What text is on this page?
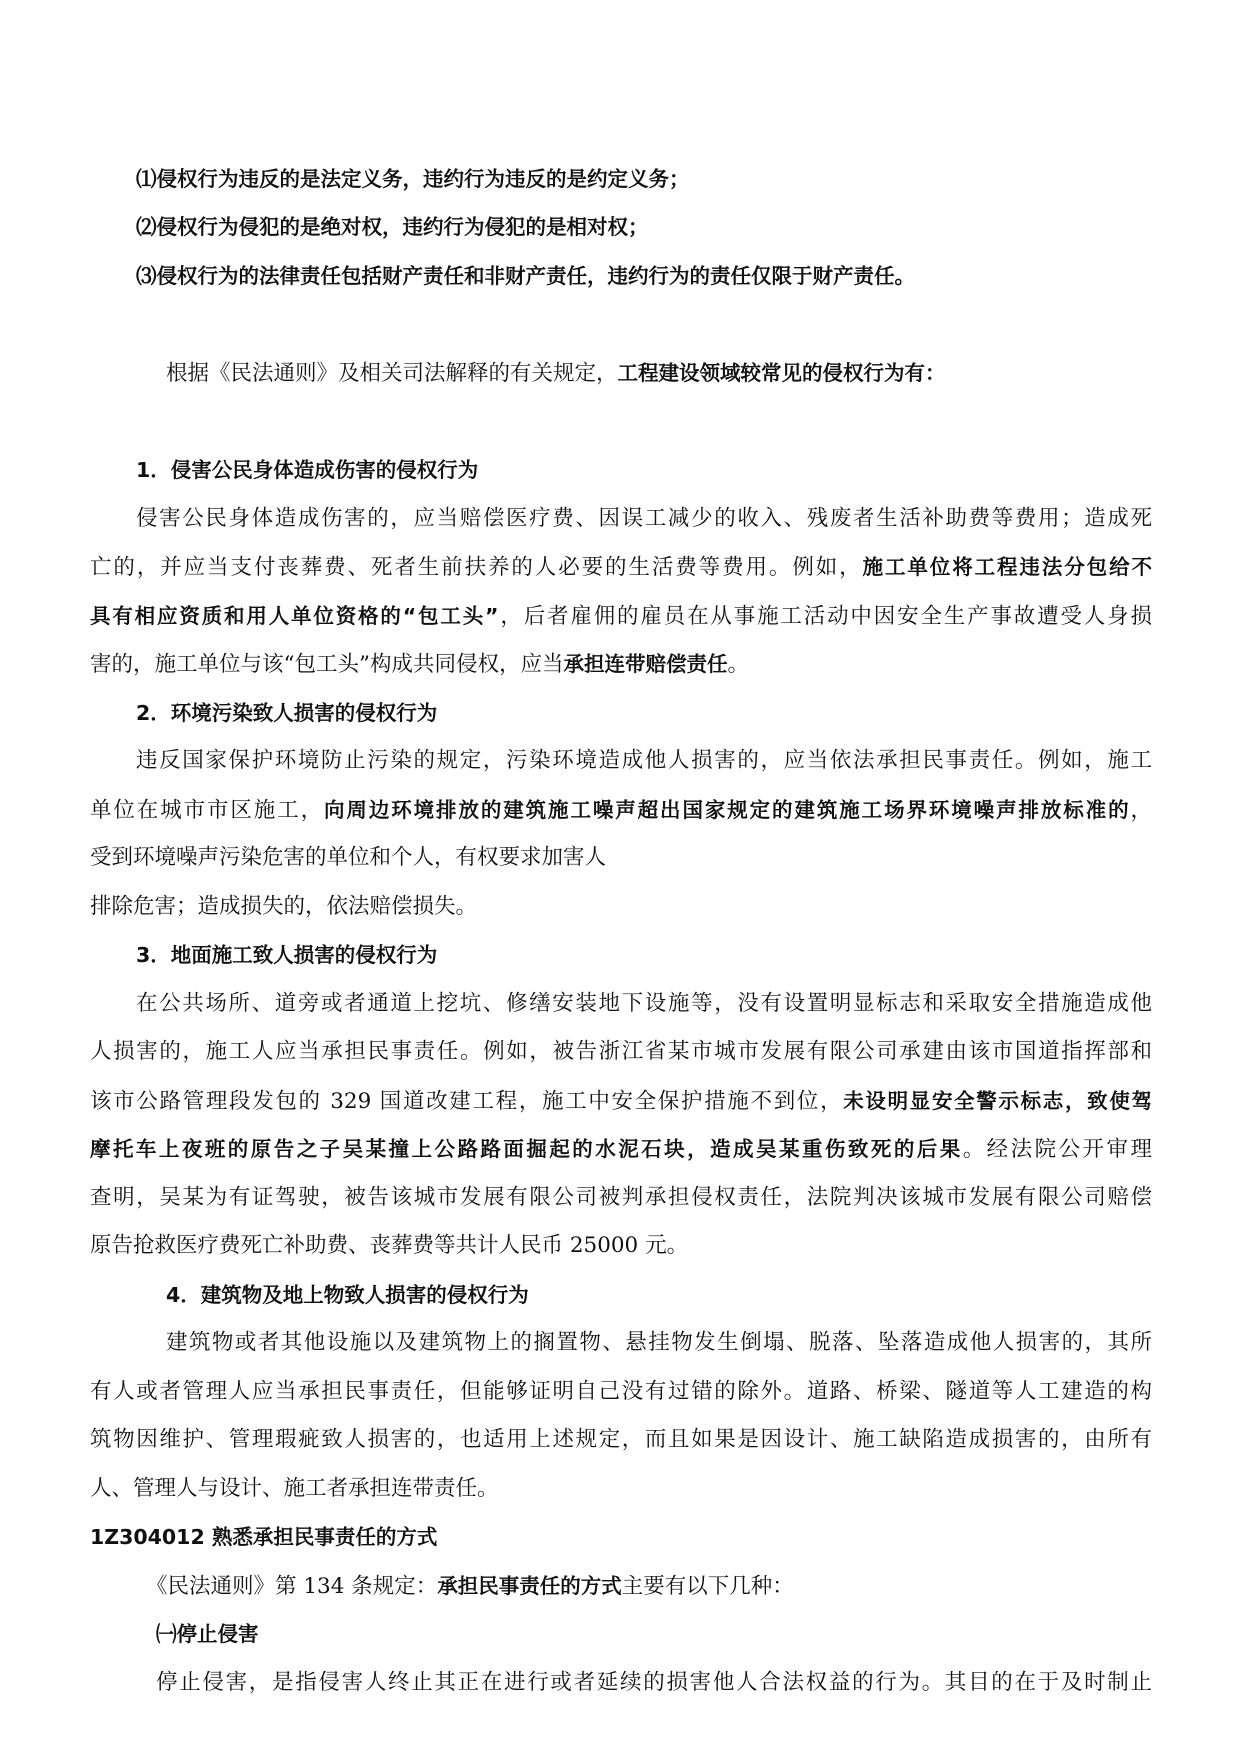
⑴侵权行为违反的是法定义务，违约行为违反的是约定义务；
⑵侵权行为侵犯的是绝对权，违约行为侵犯的是相对权；
⑶侵权行为的法律责任包括财产责任和非财产责任，违约行为的责任仅限于财产责任。
根据《民法通则》及相关司法解释的有关规定，工程建设领域较常见的侵权行为有：
1．侵害公民身体造成伤害的侵权行为
侵害公民身体造成伤害的，应当赔偿医疗费、因误工减少的收入、残废者生活补助费等费用；造成死
亡的，并应当支付丧葬费、死者生前扶养的人必要的生活费等费用。例如，施工单位将工程违法分包给不
具有相应资质和用人单位资格的“包工头”，后者雇佣的雇员在从事施工活动中因安全生产事故遭受人身损
害的，施工单位与该“包工头”构成共同侵权，应当承担连带赔偿责任。
2．环境污染致人损害的侵权行为
违反国家保护环境防止污染的规定，污染环境造成他人损害的，应当依法承担民事责任。例如，施工
单位在城市市区施工，向周边环境排放的建筑施工噪声超出国家规定的建筑施工场界环境噪声排放标准的，
受到环境噪声污染危害的单位和个人，有权要求加害人
排除危害；造成损失的，依法赔偿损失。
3．地面施工致人损害的侵权行为
在公共场所、道旁或者通道上挖坑、修缮安装地下设施等，没有设置明显标志和采取安全措施造成他
人损害的，施工人应当承担民事责任。例如，被告浙江省某市城市发展有限公司承建由该市国道指挥部和
该市公路管理段发包的 329 国道改建工程，施工中安全保护措施不到位，未设明显安全警示标志，致使驾
摩托车上夜班的原告之子吴某撞上公路路面掘起的水泥石块，造成吴某重伤致死的后果。经法院公开审理
查明，吴某为有证驾驶，被告该城市发展有限公司被判承担侵权责任，法院判决该城市发展有限公司赔偿
原告抢救医疗费死亡补助费、丧葬费等共计人民币 25000 元。
4．建筑物及地上物致人损害的侵权行为
建筑物或者其他设施以及建筑物上的搁置物、悬挂物发生倒塌、脱落、坠落造成他人损害的，其所
有人或者管理人应当承担民事责任，但能够证明自己没有过错的除外。道路、桥梁、隧道等人工建造的构
筑物因维护、管理瑕疵致人损害的，也适用上述规定，而且如果是因设计、施工缺陷造成损害的，由所有
人、管理人与设计、施工者承担连带责任。
1Z304012 熟悉承担民事责任的方式
《民法通则》第 134 条规定：承担民事责任的方式主要有以下几种：
㈠停止侵害
停止侵害，是指侵害人终止其正在进行或者延续的损害他人合法权益的行为。其目的在于及时制止
